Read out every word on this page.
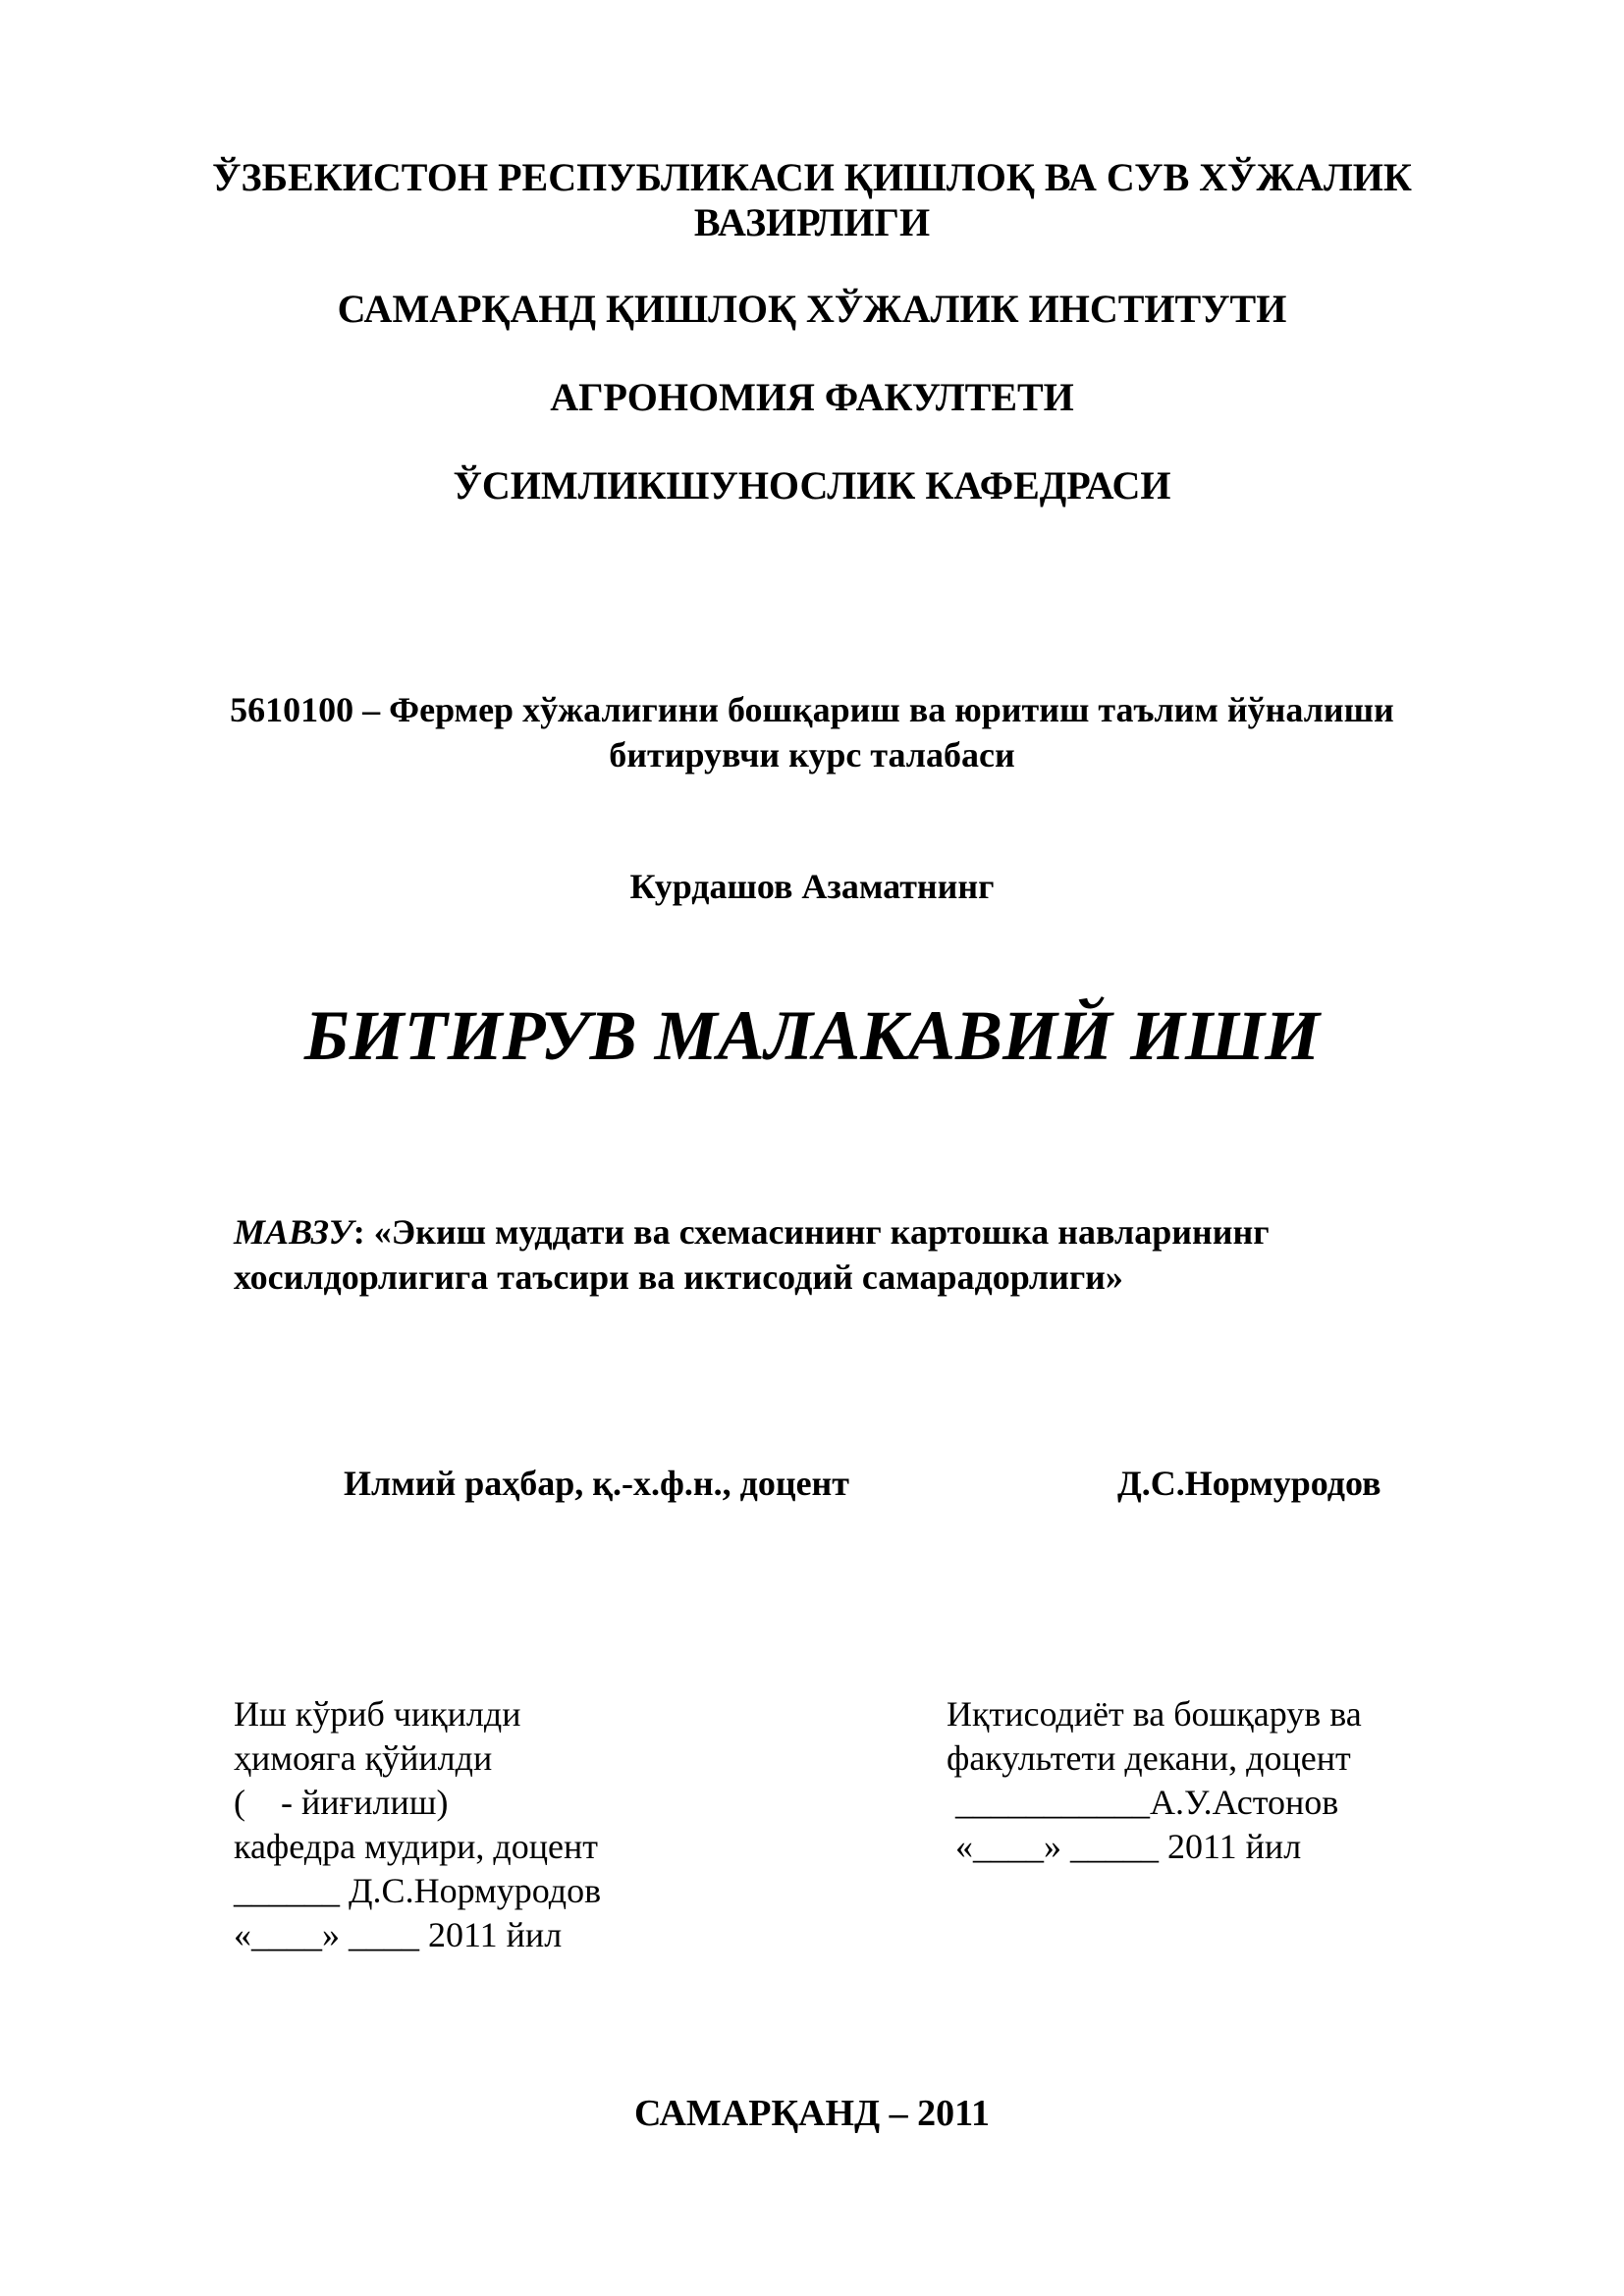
ЎЗБЕКИСТОН РЕСПУБЛИКАСИ ҚИШЛОҚ ВА СУВ ХЎЖАЛИК

ВАЗИРЛИГИ

САМАРҚАНД ҚИШЛОҚ ХЎЖАЛИК ИНСТИТУТИ

АГРОНОМИЯ ФАКУЛТЕТИ

ЎСИМЛИКШУНОСЛИК КАФЕДРАСИ

5610100 – Фермер хўжалигини бошқариш ва юритиш таълим йўналиши

битирувчи курс талабаси

Курдашов Азаматнинг

БИТИРУВ МАЛАКАВИЙ ИШИ

МАВЗУ: «Экиш муддати ва схемасининг картошка навларининг

хосилдорлигига таъсири ва иктисодий самарадорлиги»

Илмий раҳбар, қ.-х.ф.н., доцент	Д.С.Нормуродов

Иш кўриб чиқилди
ҳимояга қўйилди
(    - йиғилиш)
кафедра мудири, доцент
______ Д.С.Нормуродов
«____» ____ 2011 йил
Иқтисодиёт ва бошқарув ва
факультети декани, доцент
___________А.У.Астонов
«____» _____ 2011 йил

САМАРҚАНД – 2011
